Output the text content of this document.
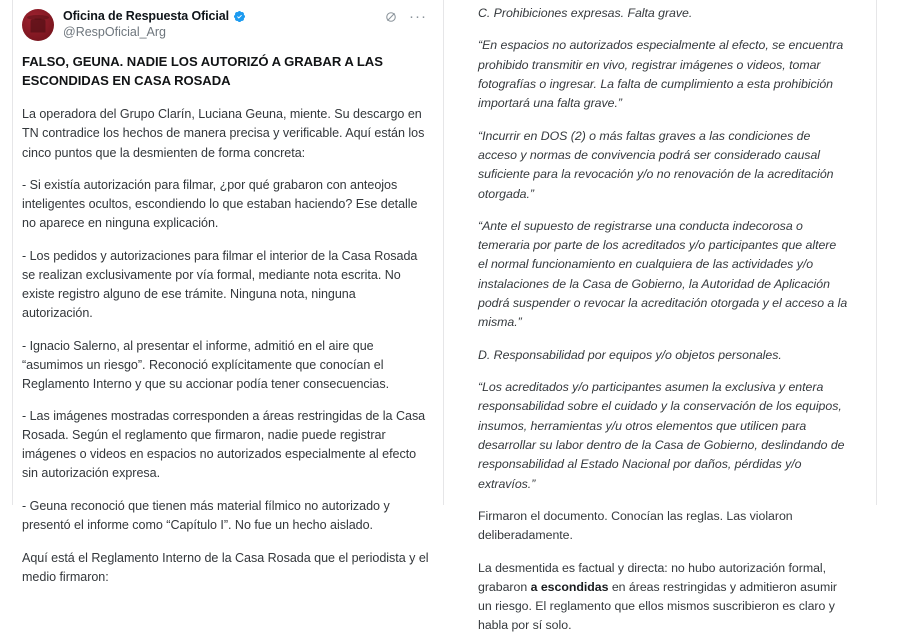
Oficina de Respuesta Oficial
@RespOficial_Arg
···
FALSO, GEUNA. NADIE LOS AUTORIZÓ A GRABAR A LAS ESCONDIDAS EN CASA ROSADA

La operadora del Grupo Clarín, Luciana Geuna, miente. Su descargo en TN contradice los hechos de manera precisa y verificable. Aquí están los cinco puntos que la desmienten de forma concreta:

- Si existía autorización para filmar, ¿por qué grabaron con anteojos inteligentes ocultos, escondiendo lo que estaban haciendo? Ese detalle no aparece en ninguna explicación.

- Los pedidos y autorizaciones para filmar el interior de la Casa Rosada se realizan exclusivamente por vía formal, mediante nota escrita. No existe registro alguno de ese trámite. Ninguna nota, ninguna autorización.

- Ignacio Salerno, al presentar el informe, admitió en el aire que “asumimos un riesgo”. Reconoció explícitamente que conocían el Reglamento Interno y que su accionar podía tener consecuencias.

- Las imágenes mostradas corresponden a áreas restringidas de la Casa Rosada. Según el reglamento que firmaron, nadie puede registrar imágenes o videos en espacios no autorizados especialmente al efecto sin autorización expresa.

- Geuna reconoció que tienen más material fílmico no autorizado y presentó el informe como “Capítulo I”. No fue un hecho aislado.

Aquí está el Reglamento Interno de la Casa Rosada que el periodista y el medio firmaron:

C. Prohibiciones expresas. Falta grave.

“En espacios no autorizados especialmente al efecto, se encuentra prohibido transmitir en vivo, registrar imágenes o videos, tomar fotografías o ingresar. La falta de cumplimiento a esta prohibición importará una falta grave.”

“Incurrir en DOS (2) o más faltas graves a las condiciones de acceso y normas de convivencia podrá ser considerado causal suficiente para la revocación y/o no renovación de la acreditación otorgada.”

“Ante el supuesto de registrarse una conducta indecorosa o temeraria por parte de los acreditados y/o participantes que altere el normal funcionamiento en cualquiera de las actividades y/o instalaciones de la Casa de Gobierno, la Autoridad de Aplicación podrá suspender o revocar la acreditación otorgada y el acceso a la misma.”

D. Responsabilidad por equipos y/o objetos personales.

“Los acreditados y/o participantes asumen la exclusiva y entera responsabilidad sobre el cuidado y la conservación de los equipos, insumos, herramientas y/u otros elementos que utilicen para desarrollar su labor dentro de la Casa de Gobierno, deslindando de responsabilidad al Estado Nacional por daños, pérdidas y/o extravíos.”

Firmaron el documento. Conocían las reglas. Las violaron deliberadamente.

La desmentida es factual y directa: no hubo autorización formal, grabaron a escondidas en áreas restringidas y admitieron asumir un riesgo. El reglamento que ellos mismos suscribieron es claro y habla por sí solo.
